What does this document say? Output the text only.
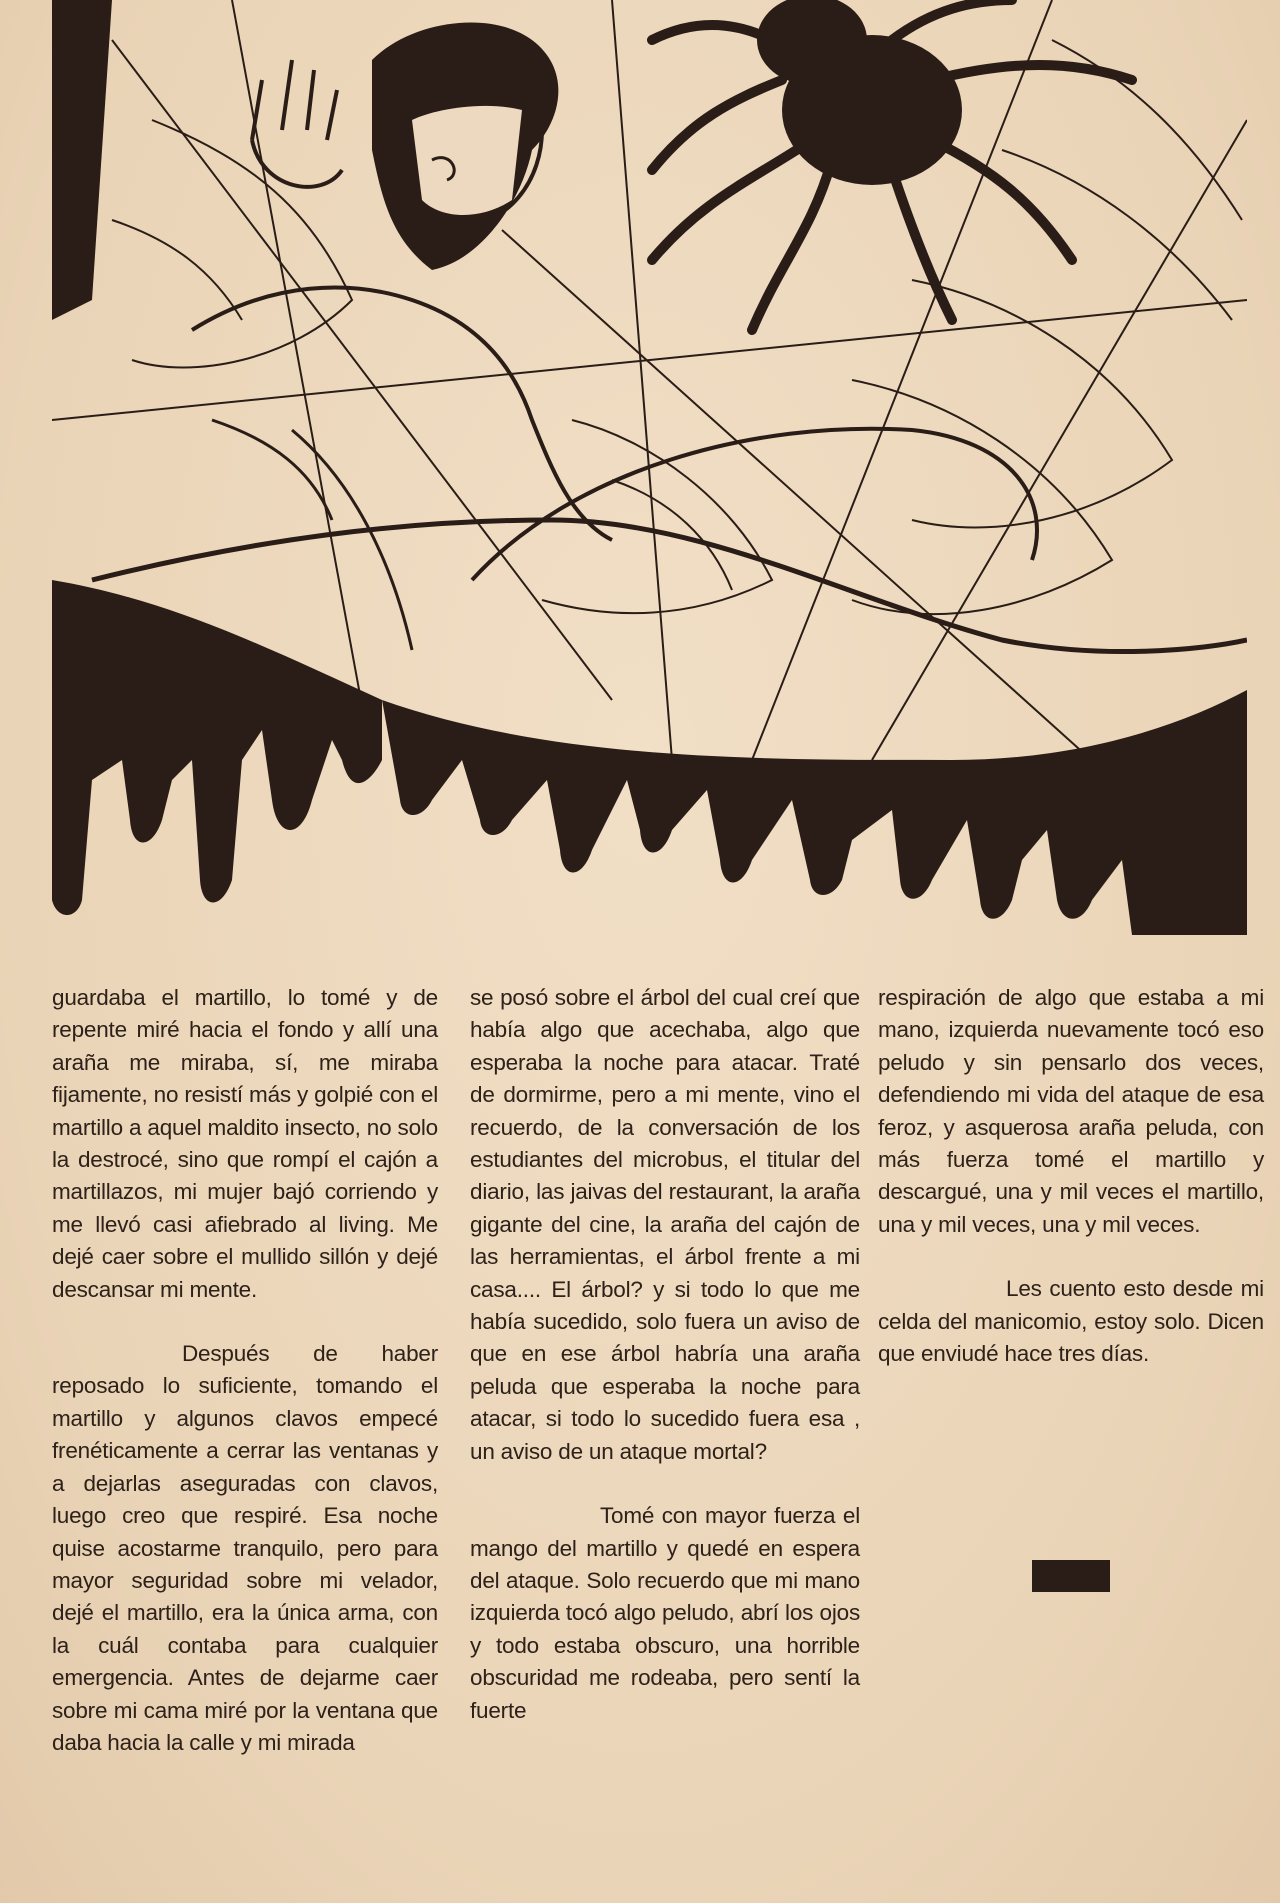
guardaba el martillo, lo tomé y de repente miré hacia el fondo y allí una araña me miraba, sí, me miraba fijamente, no resistí más y golpié con el martillo a aquel maldito insecto, no solo la destrocé, sino que rompí el cajón a martillazos, mi mujer bajó corriendo y me llevó casi afiebrado al living. Me dejé caer sobre el mullido sillón y dejé descansar mi mente.

Después de haber reposado lo suficiente, tomando el martillo y algunos clavos empecé frenéticamente a cerrar las ventanas y a dejarlas aseguradas con clavos, luego creo que respiré. Esa noche quise acostarme tranquilo, pero para mayor seguridad sobre mi velador, dejé el martillo, era la única arma, con la cuál contaba para cualquier emergencia. Antes de dejarme caer sobre mi cama miré por la ventana que daba hacia la calle y mi mirada

se posó sobre el árbol del cual creí que había algo que acechaba, algo que esperaba la noche para atacar. Traté de dormirme, pero a mi mente, vino el recuerdo, de la conversación de los estudiantes del microbus, el titular del diario, las jaivas del restaurant, la araña gigante del cine, la araña del cajón de las herramientas, el árbol frente a mi casa.... El árbol? y si todo lo que me había sucedido, solo fuera un aviso de que en ese árbol habría una araña peluda que esperaba la noche para atacar, si todo lo sucedido fuera esa , un aviso de un ataque mortal?

Tomé con mayor fuerza el mango del martillo y quedé en espera del ataque. Solo recuerdo que mi mano izquierda tocó algo peludo, abrí los ojos y todo estaba obscuro, una horrible obscuridad me rodeaba, pero sentí la fuerte

respiración de algo que estaba a mi mano, izquierda nuevamente tocó eso peludo y sin pensarlo dos veces, defendiendo mi vida del ataque de esa feroz, y asquerosa araña peluda, con más fuerza tomé el martillo y descargué, una y mil veces el martillo, una y mil veces, una y mil veces.

Les cuento esto desde mi celda del manicomio, estoy solo. Dicen que enviudé hace tres días.
